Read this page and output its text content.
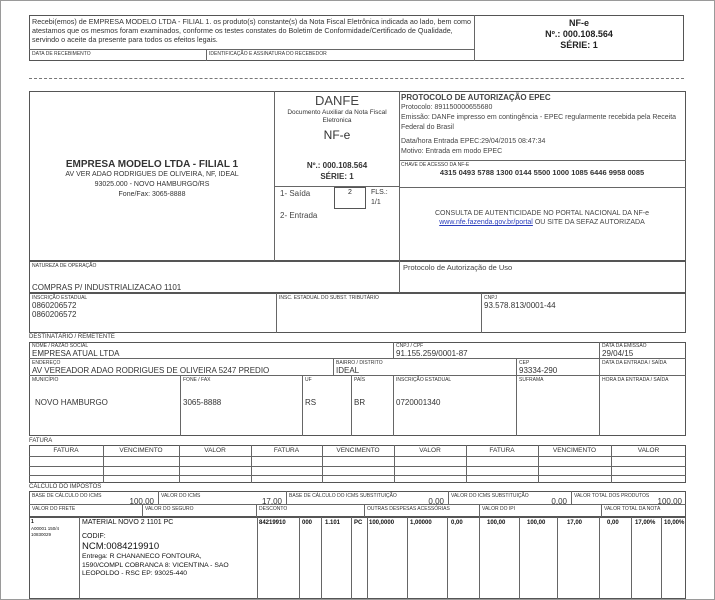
Recebi(emos) de EMPRESA MODELO LTDA - FILIAL 1. os produto(s) constante(s) da Nota Fiscal Eletrônica indicada ao lado, bem como atestamos que os mesmos foram examinados, conforme os testes constates do Boletim de Conformidade/Certificado de Qualidade, servindo o aceite da presente para todos os efeitos legais.
DATA DE RECEBIMENTO	IDENTIFICAÇÃO E ASSINATURA DO RECEBEDOR
NF-e
Nº.: 000.108.564
SÉRIE: 1
EMPRESA MODELO LTDA - FILIAL 1
AV VER ADAO RODRIGUES DE OLIVEIRA, NF, IDEAL
93025.000 - NOVO HAMBURGO/RS
Fone/Fax: 3065-8888
DANFE
Documento Auxiliar da Nota Fiscal Eletronica
NF-e
Nº.: 000.108.564
SÉRIE: 1
1- Saída
2- Entrada
2	FLS.:
1/1
PROTOCOLO DE AUTORIZAÇÃO EPEC
Protocolo: 891150000655680
Emissão: DANFe impresso em contingência - EPEC regularmente recebida pela Receita Federal do Brasil
Data/hora Entrada EPEC:29/04/2015 08:47:34
Motivo: Entrada em modo EPEC
CHAVE DE ACESSO DA NF-E
4315 0493 5788 1300 0144 5500 1000 1085 6446 9958 0085
CONSULTA DE AUTENTICIDADE NO PORTAL NACIONAL DA NF-e
www.nfe.fazenda.gov.br/portal OU SITE DA SEFAZ AUTORIZADA
NATUREZA DE OPERAÇÃO
COMPRAS P/ INDUSTRIALIZACAO 1101
Protocolo de Autorização de Uso
INSCRIÇÃO ESTADUAL
0860206572
0860206572
INSC. ESTADUAL DO SUBST. TRIBUTÁRIO	CNPJ
93.578.813/0001-44
DESTINATÁRIO / REMETENTE
NOME / RAZÃO SOCIAL
EMPRESA ATUAL LTDA
CNPJ / CPF
91.155.259/0001-87
DATA DA EMISSÃO
29/04/15
ENDEREÇO
AV VEREADOR ADAO RODRIGUES DE OLIVEIRA 5247 PREDIO
BAIRRO / DISTRITO
IDEAL
CEP
93334-290
DATA DA ENTRADA / SAÍDA
MUNICÍPIO
NOVO HAMBURGO
FONE / FAX
3065-8888
UF
RS
PAÍS
BR
INSCRIÇÃO ESTADUAL
0720001340
SUFRAMA	HORA DA ENTRADA / SAÍDA
FATURA
FATURA	VENCIMENTO	VALOR	FATURA	VENCIMENTO	VALOR	FATURA	VENCIMENTO	VALOR
CÁLCULO DO IMPOSTOS
BASE DE CÁLCULO DO ICMS
100,00
VALOR DO ICMS
17,00
BASE DE CÁLCULO DO ICMS SUBSTITUIÇÃO
0,00
VALOR DO ICMS SUBSTITUIÇÃO
0,00
VALOR TOTAL DOS PRODUTOS
100,00
VALOR DO FRETE	VALOR DO SEGURO	DESCONTO	OUTRAS DESPESAS ACESSÓRIAS	VALOR DO IPI	VALOR TOTAL DA NOTA
1
A00001 150/4
10830029
MATERIAL NOVO 2 1101 PC
CODIF:
NCM:0084219910
Entrega: R CHANANECO FONTOURA,
1590/COMPL COBRANCA 8: VICENTINA - SAO
LEOPOLDO - RSC EP: 93025-440
84219910	000 1.101 PC 100,0000	1,00000	0,00	100,00	100,00	17,00	0,00	17,00% 10,00%
